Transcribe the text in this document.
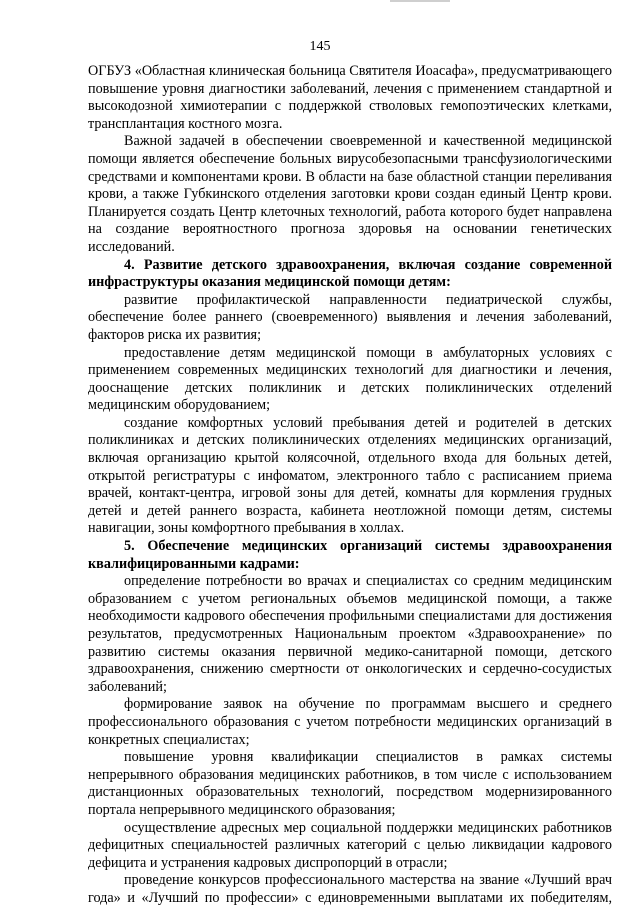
145

ОГБУЗ «Областная клиническая больница Святителя Иоасафа», предусматривающего повышение уровня диагностики заболеваний, лечения с применением стандартной и высокодозной химиотерапии с поддержкой стволовых гемопоэтических клетками, трансплантация костного мозга.

Важной задачей в обеспечении своевременной и качественной медицинской помощи является обеспечение больных вирусобезопасными трансфузиологическими средствами и компонентами крови. В области на базе областной станции переливания крови, а также Губкинского отделения заготовки крови создан единый Центр крови. Планируется создать Центр клеточных технологий, работа которого будет направлена на создание вероятностного прогноза здоровья на основании генетических исследований.

4. Развитие детского здравоохранения, включая создание современной инфраструктуры оказания медицинской помощи детям:

развитие профилактической направленности педиатрической службы, обеспечение более раннего (своевременного) выявления и лечения заболеваний, факторов риска их развития;

предоставление детям медицинской помощи в амбулаторных условиях с применением современных медицинских технологий для диагностики и лечения, дооснащение детских поликлиник и детских поликлинических отделений медицинским оборудованием;

создание комфортных условий пребывания детей и родителей в детских поликлиниках и детских поликлинических отделениях медицинских организаций, включая организацию крытой колясочной, отдельного входа для больных детей, открытой регистратуры с инфоматом, электронного табло с расписанием приема врачей, контакт-центра, игровой зоны для детей, комнаты для кормления грудных детей и детей раннего возраста, кабинета неотложной помощи детям, системы навигации, зоны комфортного пребывания в холлах.

5. Обеспечение медицинских организаций системы здравоохранения квалифицированными кадрами:

определение потребности во врачах и специалистах со средним медицинским образованием с учетом региональных объемов медицинской помощи, а также необходимости кадрового обеспечения профильными специалистами для достижения результатов, предусмотренных Национальным проектом «Здравоохранение» по развитию системы оказания первичной медико-санитарной помощи, детского здравоохранения, снижению смертности от онкологических и сердечно-сосудистых заболеваний;

формирование заявок на обучение по программам высшего и среднего профессионального образования с учетом потребности медицинских организаций в конкретных специалистах;

повышение уровня квалификации специалистов в рамках системы непрерывного образования медицинских работников, в том числе с использованием дистанционных образовательных технологий, посредством модернизированного портала непрерывного медицинского образования;

осуществление адресных мер социальной поддержки медицинских работников дефицитных специальностей различных категорий с целью ликвидации кадрового дефицита и устранения кадровых диспропорций в отрасли;

проведение конкурсов профессионального мастерства на звание «Лучший врач года» и «Лучший по профессии» с единовременными выплатами их победителям,
